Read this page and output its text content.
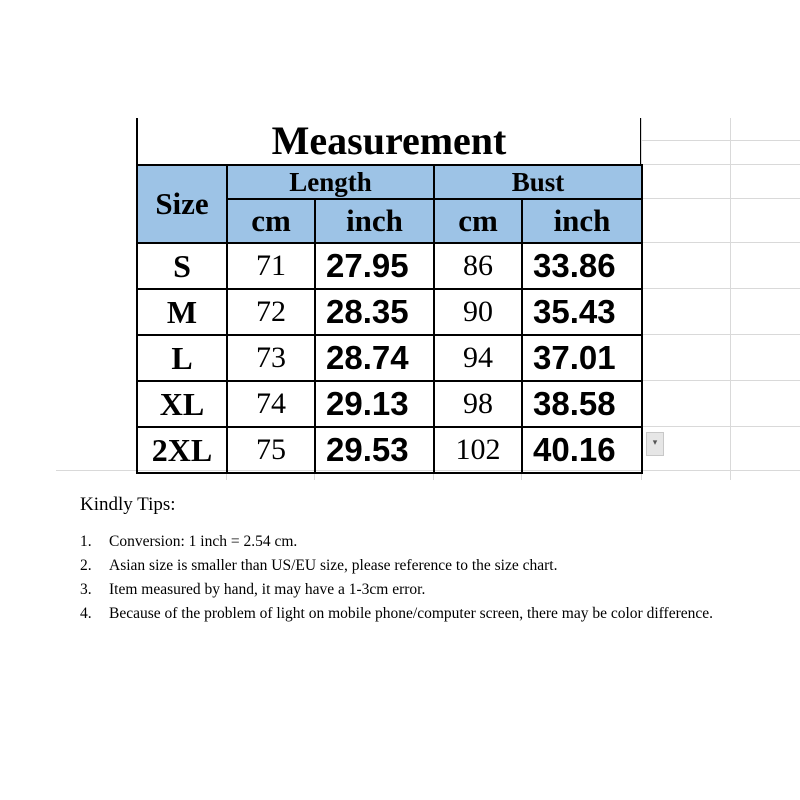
Measurement
Size	Length		Bust	
	cm	inch	cm	inch
S	71	27.95	86	33.86
M	72	28.35	90	35.43
L	73	28.74	94	37.01
XL	74	29.13	98	38.58
2XL	75	29.53	102	40.16	▾
Kindly Tips:
1. Conversion: 1 inch = 2.54 cm.
2. Asian size is smaller than US/EU size, please reference to the size chart.
3. Item measured by hand, it may have a 1-3cm error.
4. Because of the problem of light on mobile phone/computer screen, there may be color difference.
